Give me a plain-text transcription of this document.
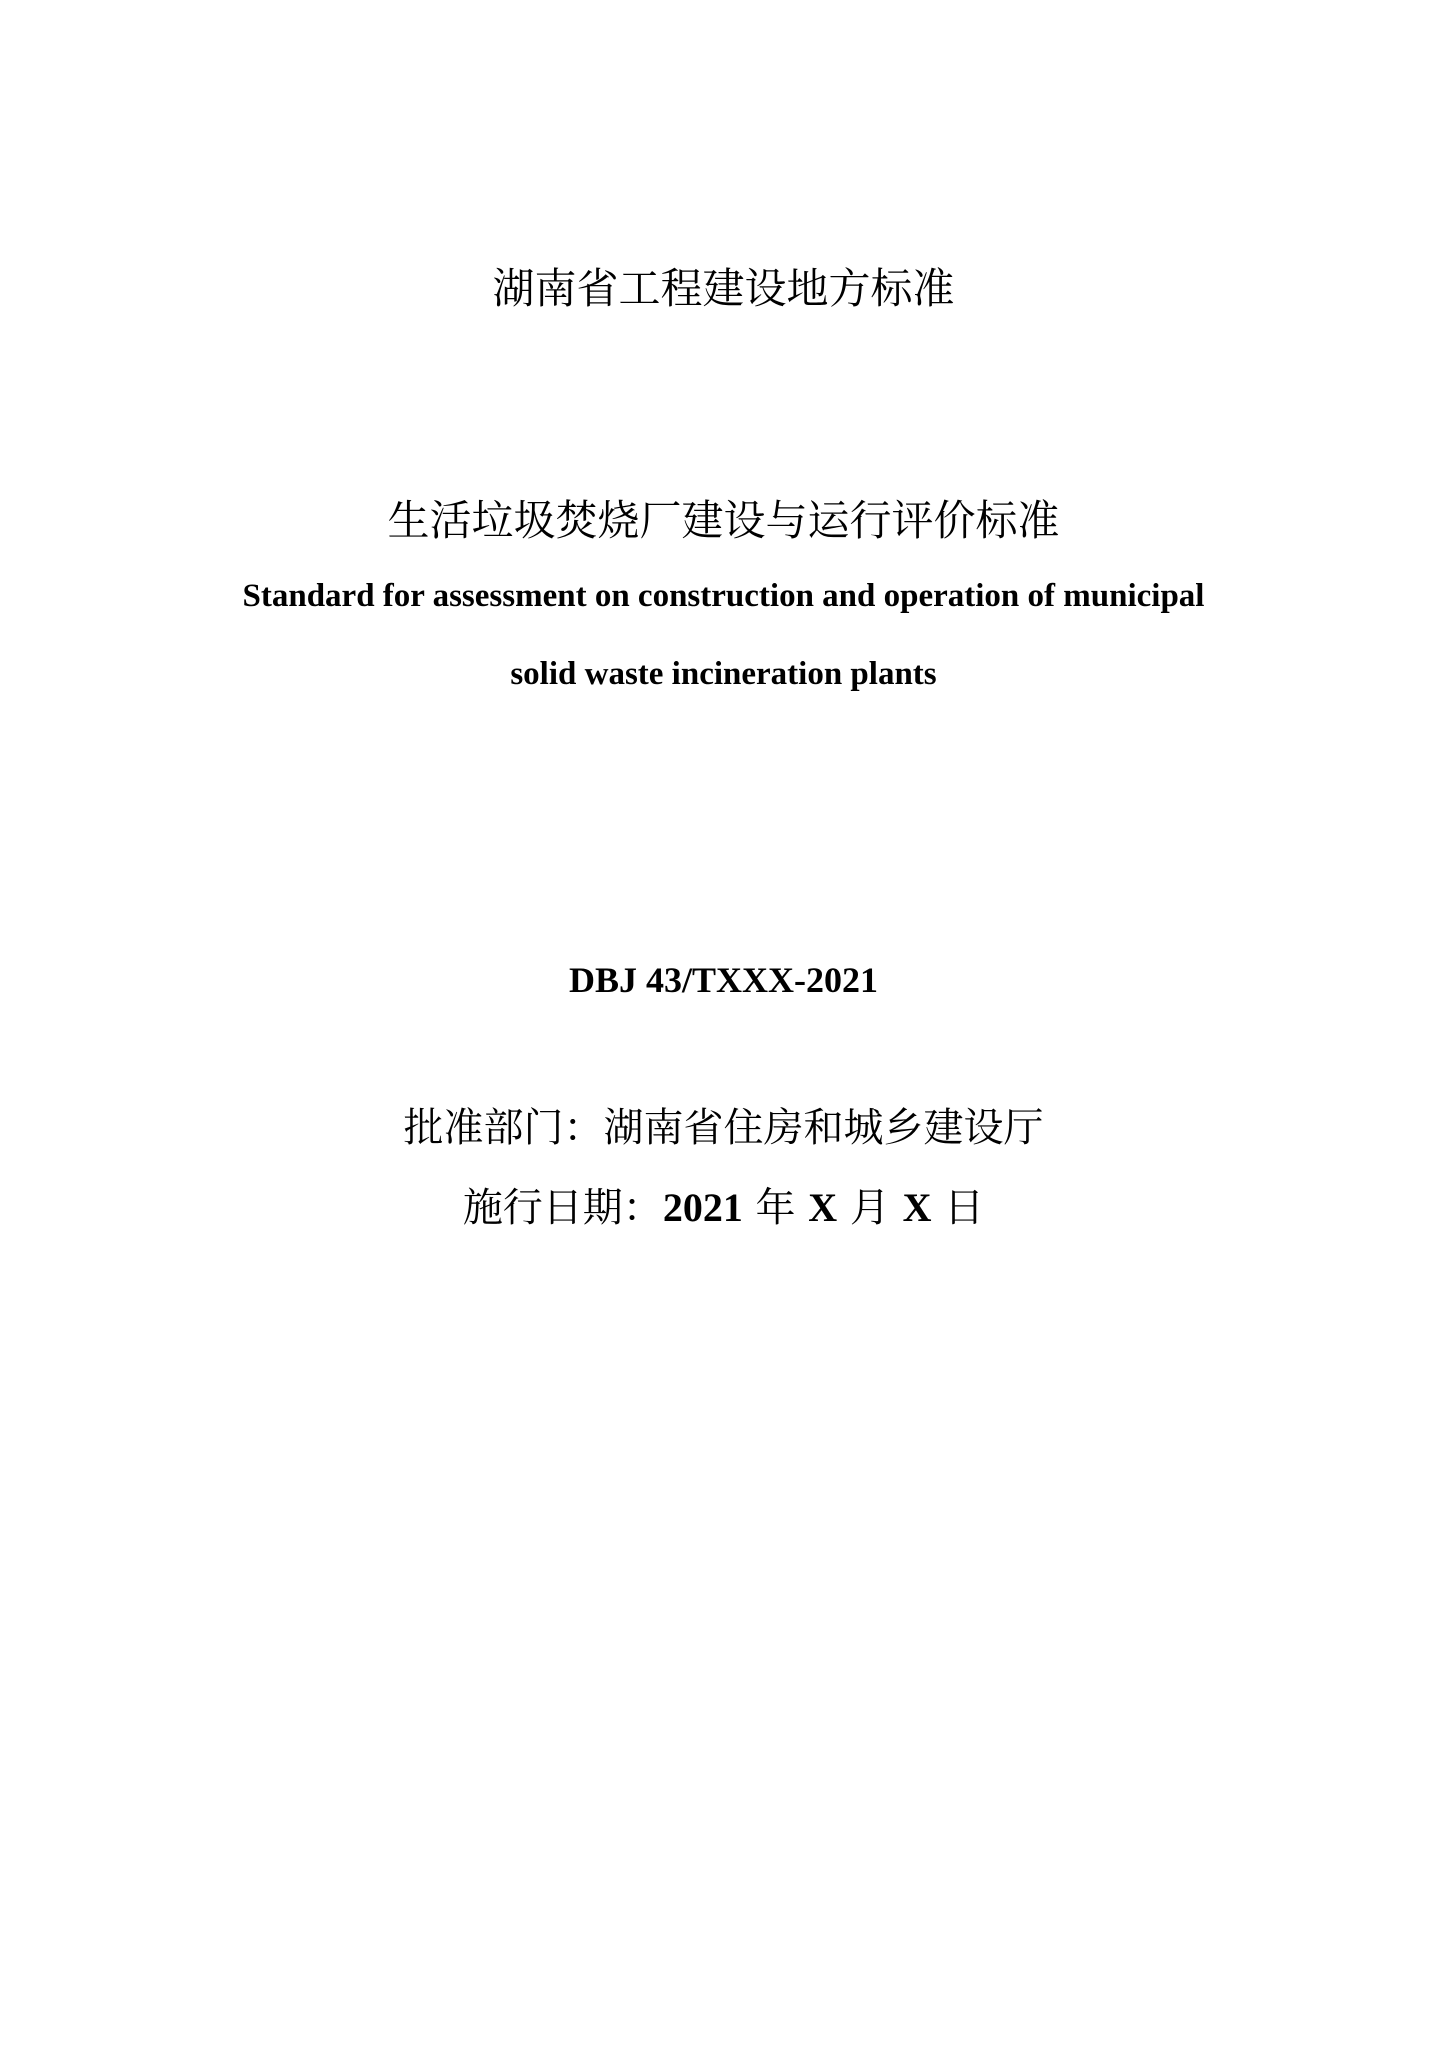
湖南省工程建设地方标准
生活垃圾焚烧厂建设与运行评价标准
Standard for assessment on construction and operation of municipal
solid waste incineration plants
DBJ 43/TXXX-2021
批准部门：湖南省住房和城乡建设厅
施行日期：2021 年 X 月 X 日
